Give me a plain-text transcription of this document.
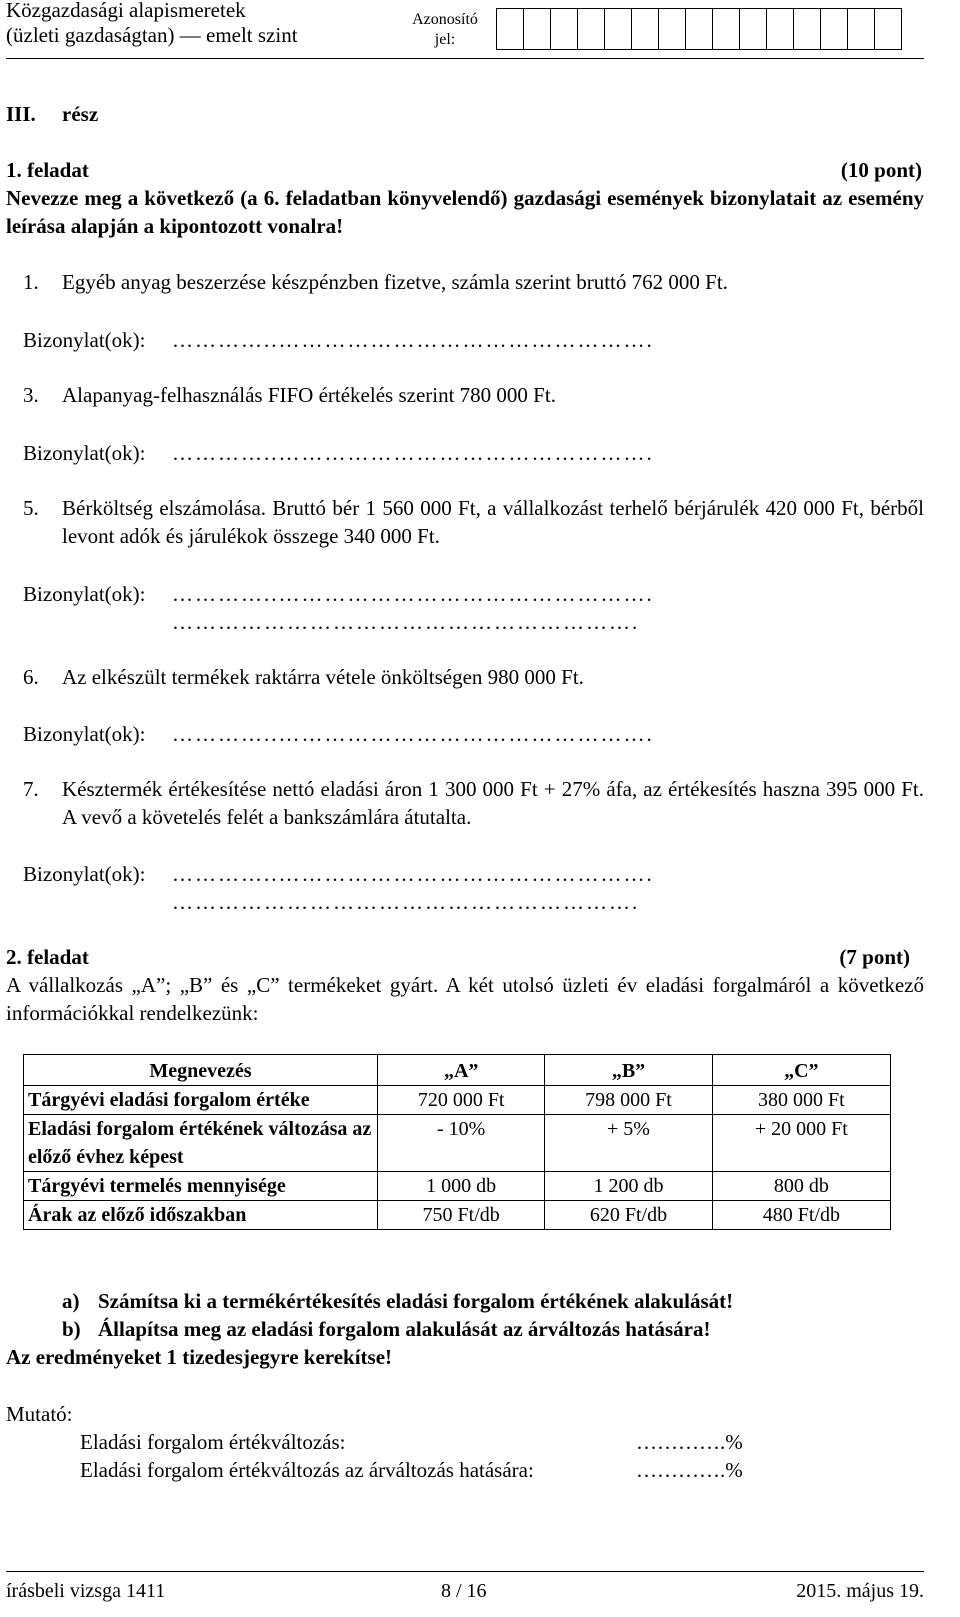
Közgazdasági alapismeretek
(üzleti gazdaságtan) — emelt szint
Azonosító
jel:
III. rész
1. feladat	(10 pont)
Nevezze meg a következő (a 6. feladatban könyvelendő) gazdasági események bizonylatait az esemény leírása alapján a kipontozott vonalra!
1. Egyéb anyag beszerzése készpénzben fizetve, számla szerint bruttó 762 000 Ft.
Bizonylat(ok): …………..………………………………………….
3. Alapanyag-felhasználás FIFO értékelés szerint 780 000 Ft.
Bizonylat(ok): …………..………………………………………….
5. Bérköltség elszámolása. Bruttó bér 1 560 000 Ft, a vállalkozást terhelő bérjárulék 420 000 Ft, bérből levont adók és járulékok összege 340 000 Ft.
Bizonylat(ok): …………..………………………………………….
…………………………………………………….
6. Az elkészült termékek raktárra vétele önköltségen 980 000 Ft.
Bizonylat(ok): …………..………………………………………….
7. Késztermék értékesítése nettó eladási áron 1 300 000 Ft + 27% áfa, az értékesítés haszna 395 000 Ft. A vevő a követelés felét a bankszámlára átutalta.
Bizonylat(ok): …………..………………………………………….
…………………………………………………….
2. feladat	(7 pont)
A vállalkozás „A”; „B” és „C” termékeket gyárt. A két utolsó üzleti év eladási forgalmáról a következő információkkal rendelkezünk:
Megnevezés	„A”	„B”	„C”
Tárgyévi eladási forgalom értéke	720 000 Ft	798 000 Ft	380 000 Ft
Eladási forgalom értékének változása az előző évhez képest	- 10%	+ 5%	+ 20 000 Ft
Tárgyévi termelés mennyisége	1 000 db	1 200 db	800 db
Árak az előző időszakban	750 Ft/db	620 Ft/db	480 Ft/db
a) Számítsa ki a termékértékesítés eladási forgalom értékének alakulását!
b) Állapítsa meg az eladási forgalom alakulását az árváltozás hatására!
Az eredményeket 1 tizedesjegyre kerekítse!
Mutató:
Eladási forgalom értékváltozás:	………….%
Eladási forgalom értékváltozás az árváltozás hatására:	………….%
írásbeli vizsga 1411	8 / 16	2015. május 19.
